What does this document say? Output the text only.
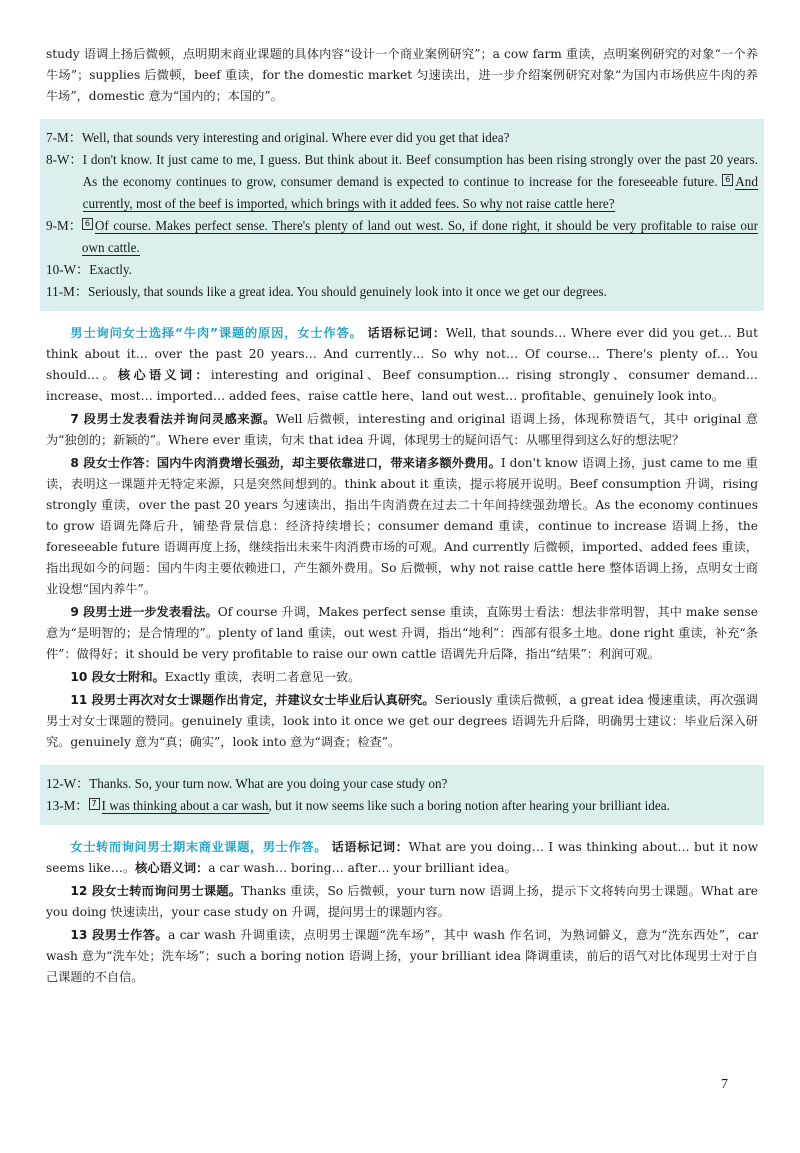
study 语调上扬后微顿，点明期末商业课题的具体内容“设计一个商业案例研究”；a cow farm 重读，点明案例研究的对象“一个养牛场”；supplies 后微顿，beef 重读，for the domestic market 匀速读出，进一步介绍案例研究对象“为国内市场供应牛肉的养牛场”，domestic 意为“国内的；本国的”。

7-M： Well, that sounds very interesting and original. Where ever did you get that idea?
8-W： I don't know. It just came to me, I guess. But think about it. Beef consumption has been rising strongly over the past 20 years. As the economy continues to grow, consumer demand is expected to continue to increase for the foreseeable future. 6 And currently, most of the beef is imported, which brings with it added fees. So why not raise cattle here?
9-M： 6 Of course. Makes perfect sense. There's plenty of land out west. So, if done right, it should be very profitable to raise our own cattle.
10-W： Exactly.
11-M： Seriously, that sounds like a great idea. You should genuinely look into it once we get our degrees.

男士询问女士选择“牛肉”课题的原因，女士作答。 话语标记词：Well, that sounds… Where ever did you get… But think about it… over the past 20 years… And currently… So why not… Of course… There's plenty of… You should…。核心语义词：interesting and original、Beef consumption… rising strongly、consumer demand… increase、most… imported… added fees、raise cattle here、land out west… profitable、genuinely look into。

7 段男士发表看法并询问灵感来源。Well 后微顿，interesting and original 语调上扬，体现称赞语气，其中 original 意为“独创的；新颖的”。Where ever 重读，句末 that idea 升调，体现男士的疑问语气：从哪里得到这么好的想法呢？

8 段女士作答：国内牛肉消费增长强劲，却主要依靠进口，带来诸多额外费用。I don't know 语调上扬，just came to me 重读，表明这一课题并无特定来源，只是突然间想到的。think about it 重读，提示将展开说明。Beef consumption 升调，rising strongly 重读，over the past 20 years 匀速读出，指出牛肉消费在过去二十年间持续强劲增长。As the economy continues to grow 语调先降后升，铺垫背景信息：经济持续增长；consumer demand 重读，continue to increase 语调上扬，the foreseeable future 语调再度上扬，继续指出未来牛肉消费市场的可观。And currently 后微顿，imported、added fees 重读，指出现如今的问题：国内牛肉主要依赖进口，产生额外费用。So 后微顿，why not raise cattle here 整体语调上扬，点明女士商业设想“国内养牛”。

9 段男士进一步发表看法。Of course 升调，Makes perfect sense 重读，直陈男士看法：想法非常明智，其中 make sense 意为“是明智的；是合情理的”。plenty of land 重读，out west 升调，指出“地利”：西部有很多土地。done right 重读，补充“条件”：做得好；it should be very profitable to raise our own cattle 语调先升后降，指出“结果”：利润可观。

10 段女士附和。Exactly 重读，表明二者意见一致。

11 段男士再次对女士课题作出肯定，并建议女士毕业后认真研究。Seriously 重读后微顿，a great idea 慢速重读，再次强调男士对女士课题的赞同。genuinely 重读，look into it once we get our degrees 语调先升后降，明确男士建议：毕业后深入研究。genuinely 意为“真；确实”，look into 意为“调查；检查”。

12-W： Thanks. So, your turn now. What are you doing your case study on?
13-M： 7 I was thinking about a car wash, but it now seems like such a boring notion after hearing your brilliant idea.

女士转而询问男士期末商业课题，男士作答。 话语标记词：What are you doing… I was thinking about… but it now seems like…。核心语义词：a car wash… boring… after… your brilliant idea。

12 段女士转而询问男士课题。Thanks 重读，So 后微顿，your turn now 语调上扬，提示下文将转向男士课题。What are you doing 快速读出，your case study on 升调，提问男士的课题内容。

13 段男士作答。a car wash 升调重读，点明男士课题“洗车场”，其中 wash 作名词，为熟词僻义，意为“洗东西处”，car wash 意为“洗车处；洗车场”；such a boring notion 语调上扬，your brilliant idea 降调重读，前后的语气对比体现男士对于自己课题的不自信。

7
